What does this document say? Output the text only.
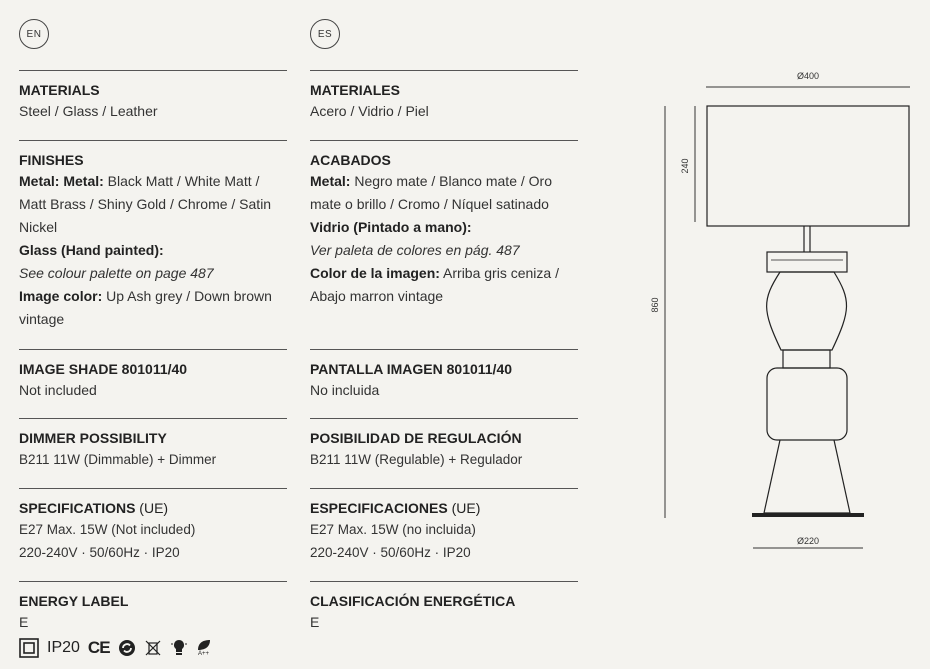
EN
MATERIALS
Steel / Glass / Leather
FINISHES
Metal: Metal: Black Matt / White Matt / Matt Brass / Shiny Gold / Chrome / Satin Nickel
Glass (Hand painted):
See colour palette on page 487
Image color: Up Ash grey / Down brown vintage
IMAGE SHADE 801011/40
Not included
DIMMER POSSIBILITY
B211 11W (Dimmable) + Dimmer
SPECIFICATIONS (UE)
E27 Max. 15W (Not included)
220-240V · 50/60Hz · IP20
ENERGY LABEL
E
ES
MATERIALES
Acero / Vidrio / Piel
ACABADOS
Metal: Negro mate / Blanco mate / Oro mate o brillo / Cromo / Níquel satinado
Vidrio (Pintado a mano):
Ver paleta de colores en pág. 487
Color de la imagen: Arriba gris ceniza / Abajo marron vintage
PANTALLA IMAGEN 801011/40
No incluida
POSIBILIDAD DE REGULACIÓN
B211 11W (Regulable) + Regulador
ESPECIFICACIONES (UE)
E27 Max. 15W (no incluida)
220-240V · 50/60Hz · IP20
CLASIFICACIÓN ENERGÉTICA
E
IP20 CE	A++
Ø400
240
860
Ø220
